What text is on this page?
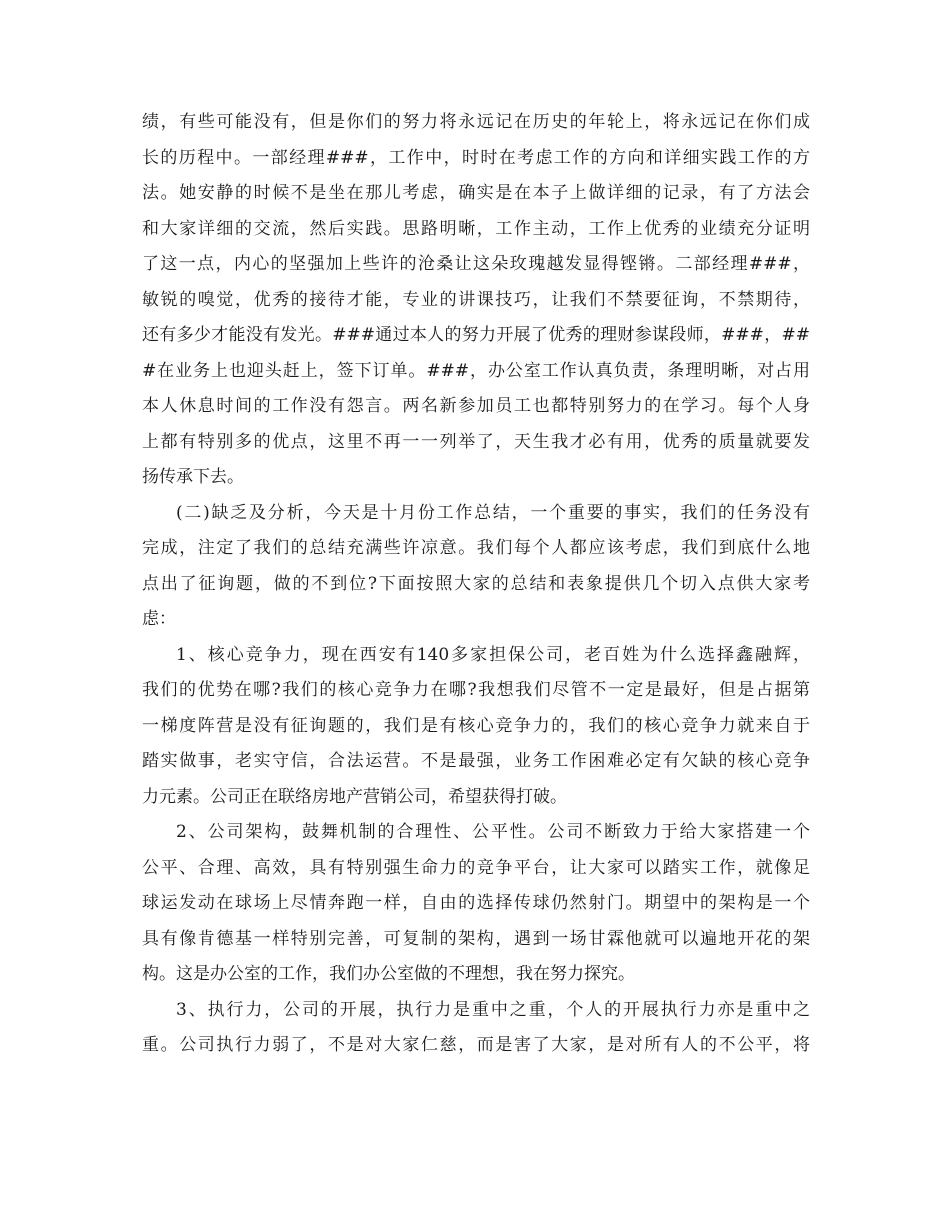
绩，有些可能没有，但是你们的努力将永远记在历史的年轮上，将永远记在你们成
长的历程中。一部经理###，工作中，时时在考虑工作的方向和详细实践工作的方
法。她安静的时候不是坐在那儿考虑，确实是在本子上做详细的记录，有了方法会
和大家详细的交流，然后实践。思路明晰，工作主动，工作上优秀的业绩充分证明
了这一点，内心的坚强加上些许的沧桑让这朵玫瑰越发显得铿锵。二部经理###，
敏锐的嗅觉，优秀的接待才能，专业的讲课技巧，让我们不禁要征询，不禁期待，
还有多少才能没有发光。###通过本人的努力开展了优秀的理财参谋段师，###，##
#在业务上也迎头赶上，签下订单。###，办公室工作认真负责，条理明晰，对占用
本人休息时间的工作没有怨言。两名新参加员工也都特别努力的在学习。每个人身
上都有特别多的优点，这里不再一一列举了，天生我才必有用，优秀的质量就要发
扬传承下去。
(二)缺乏及分析，今天是十月份工作总结，一个重要的事实，我们的任务没有
完成，注定了我们的总结充满些许凉意。我们每个人都应该考虑，我们到底什么地
点出了征询题，做的不到位?下面按照大家的总结和表象提供几个切入点供大家考
虑：
1、核心竞争力，现在西安有140多家担保公司，老百姓为什么选择鑫融辉，
我们的优势在哪?我们的核心竞争力在哪?我想我们尽管不一定是最好，但是占据第
一梯度阵营是没有征询题的，我们是有核心竞争力的，我们的核心竞争力就来自于
踏实做事，老实守信，合法运营。不是最强，业务工作困难必定有欠缺的核心竞争
力元素。公司正在联络房地产营销公司，希望获得打破。
2、公司架构，鼓舞机制的合理性、公平性。公司不断致力于给大家搭建一个
公平、合理、高效，具有特别强生命力的竞争平台，让大家可以踏实工作，就像足
球运发动在球场上尽情奔跑一样，自由的选择传球仍然射门。期望中的架构是一个
具有像肯德基一样特别完善，可复制的架构，遇到一场甘霖他就可以遍地开花的架
构。这是办公室的工作，我们办公室做的不理想，我在努力探究。
3、执行力，公司的开展，执行力是重中之重，个人的开展执行力亦是重中之
重。公司执行力弱了，不是对大家仁慈，而是害了大家，是对所有人的不公平，将
